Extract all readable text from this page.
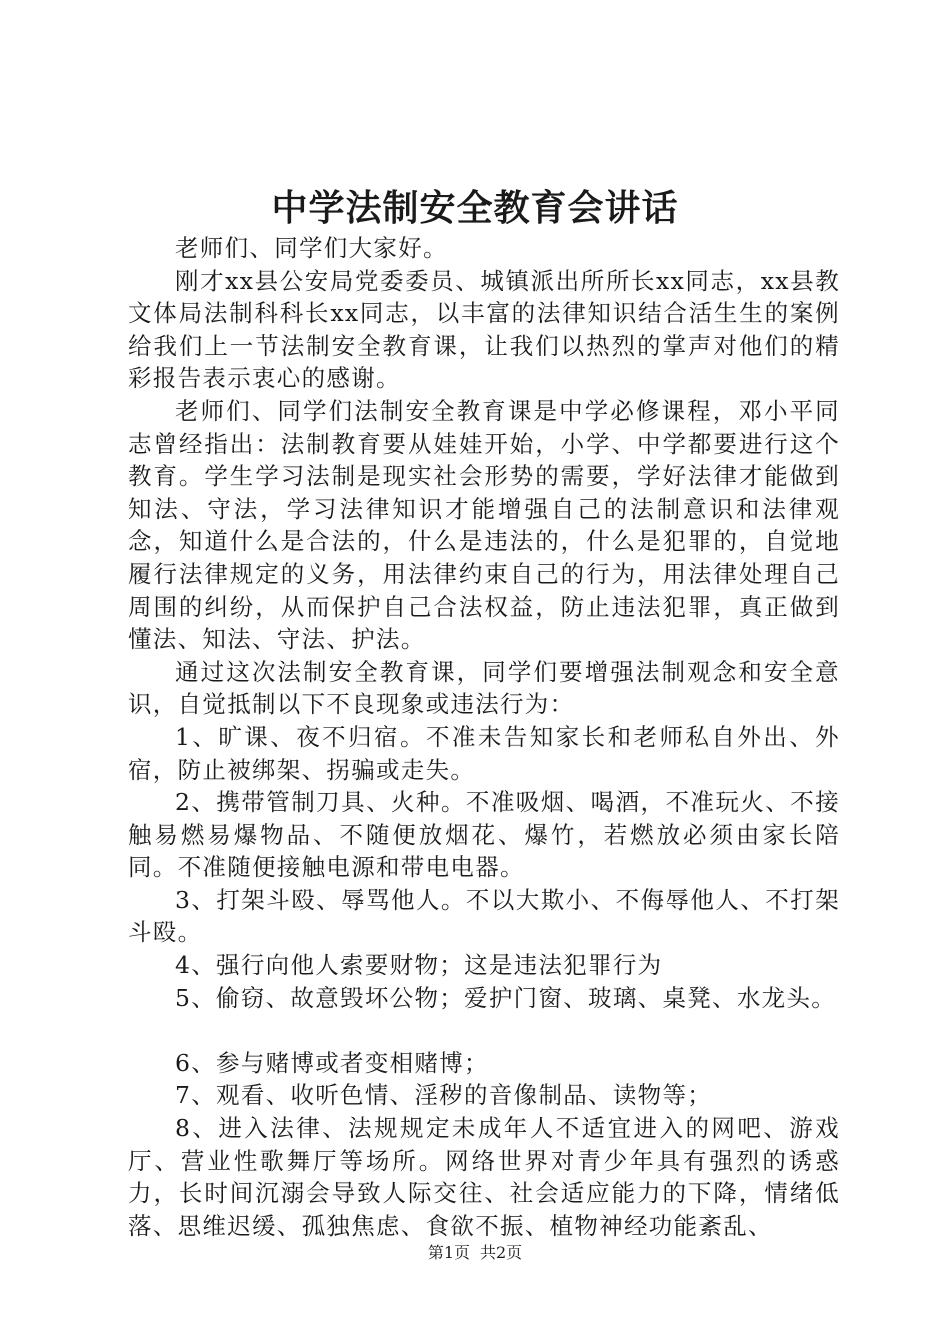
中学法制安全教育会讲话

老师们、同学们大家好。

刚才xx县公安局党委委员、城镇派出所所长xx同志，xx县教文体局法制科科长xx同志，以丰富的法律知识结合活生生的案例给我们上一节法制安全教育课，让我们以热烈的掌声对他们的精彩报告表示衷心的感谢。

老师们、同学们法制安全教育课是中学必修课程，邓小平同志曾经指出：法制教育要从娃娃开始，小学、中学都要进行这个教育。学生学习法制是现实社会形势的需要，学好法律才能做到知法、守法，学习法律知识才能增强自己的法制意识和法律观念，知道什么是合法的，什么是违法的，什么是犯罪的，自觉地履行法律规定的义务，用法律约束自己的行为，用法律处理自己周围的纠纷，从而保护自己合法权益，防止违法犯罪，真正做到懂法、知法、守法、护法。

通过这次法制安全教育课，同学们要增强法制观念和安全意识，自觉抵制以下不良现象或违法行为：

1、旷课、夜不归宿。不准未告知家长和老师私自外出、外宿，防止被绑架、拐骗或走失。

2、携带管制刀具、火种。不准吸烟、喝酒，不准玩火、不接触易燃易爆物品、不随便放烟花、爆竹，若燃放必须由家长陪同。不准随便接触电源和带电电器。

3、打架斗殴、辱骂他人。不以大欺小、不侮辱他人、不打架斗殴。

4、强行向他人索要财物；这是违法犯罪行为

5、偷窃、故意毁坏公物；爱护门窗、玻璃、桌凳、水龙头。

6、参与赌博或者变相赌博；

7、观看、收听色情、淫秽的音像制品、读物等；

8、进入法律、法规规定未成年人不适宜进入的网吧、游戏厅、营业性歌舞厅等场所。网络世界对青少年具有强烈的诱惑力，长时间沉溺会导致人际交往、社会适应能力的下降，情绪低落、思维迟缓、孤独焦虑、食欲不振、植物神经功能紊乱、

第1页 共2页
